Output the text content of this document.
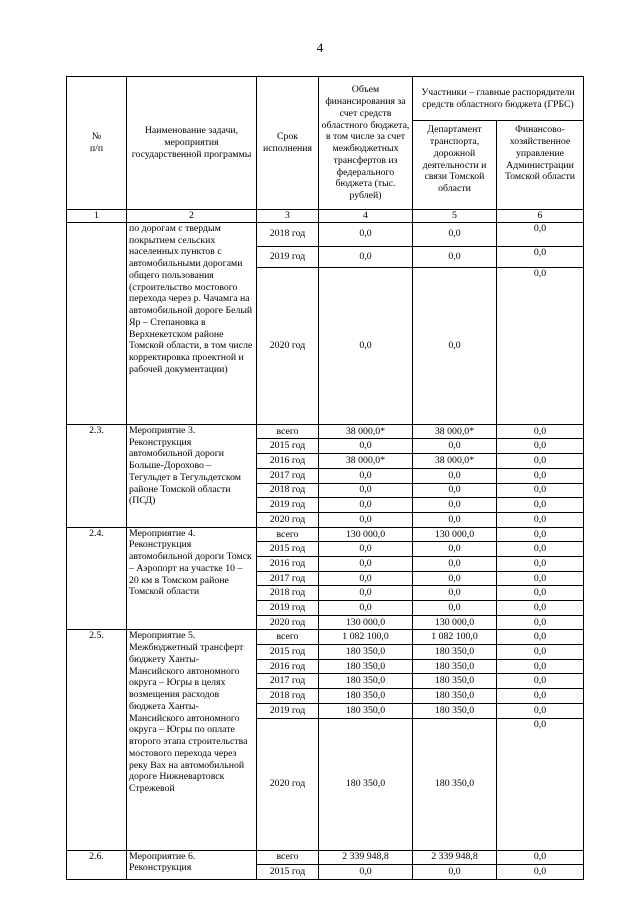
4
№
п/п	Наименование задачи, мероприятия государственной программы	Срок исполнения	Объем финансирования за счет средств областного бюджета, в том числе за счет межбюджетных трансфертов из федерального бюджета (тыс. рублей)	Участники – главные распорядители средств областного бюджета (ГРБС)	
				Департамент транспорта, дорожной деятельности и связи Томской области	Финансово-хозяйственное управление Администрации Томской области
1	2	3	4	5	6
	по дорогам с твердым покрытием сельских населенных пунктов с автомобильными дорогами общего пользования (строительство мостового перехода через р. Чачамга на автомобильной дороге Белый Яр – Степановка в Верхнекетском районе Томской области, в том числе корректировка проектной и рабочей документации)	2018 год	0,0	0,0	0,0
		2019 год	0,0	0,0	0,0
		2020 год	0,0	0,0	0,0
2.3.	Мероприятие 3. Реконструкция автомобильной дороги Больше-Дорохово – Тегульдет в Тегульдетском районе Томской области (ПСД)	всего	38 000,0*	38 000,0*	0,0
		2015 год	0,0	0,0	0,0
		2016 год	38 000,0*	38 000,0*	0,0
		2017 год	0,0	0,0	0,0
		2018 год	0,0	0,0	0,0
		2019 год	0,0	0,0	0,0
		2020 год	0,0	0,0	0,0
2.4.	Мероприятие 4. Реконструкция автомобильной дороги Томск – Аэропорт на участке 10 – 20 км в Томском районе Томской области	всего	130 000,0	130 000,0	0,0
		2015 год	0,0	0,0	0,0
		2016 год	0,0	0,0	0,0
		2017 год	0,0	0,0	0,0
		2018 год	0,0	0,0	0,0
		2019 год	0,0	0,0	0,0
		2020 год	130 000,0	130 000,0	0,0
2.5.	Мероприятие 5. Межбюджетный трансферт бюджету Ханты-Мансийского автономного округа – Югры в целях возмещения расходов бюджета Ханты-Мансийского автономного округа – Югры по оплате второго этапа строительства мостового перехода через реку Вах на автомобильной дороге Нижневартовск Стрежевой	всего	1 082 100,0	1 082 100,0	0,0
		2015 год	180 350,0	180 350,0	0,0
		2016 год	180 350,0	180 350,0	0,0
		2017 год	180 350,0	180 350,0	0,0
		2018 год	180 350,0	180 350,0	0,0
		2019 год	180 350,0	180 350,0	0,0
		2020 год	180 350,0	180 350,0	0,0
2.6.	Мероприятие 6. Реконструкция	всего	2 339 948,8	2 339 948,8	0,0
		2015 год	0,0	0,0	0,0
